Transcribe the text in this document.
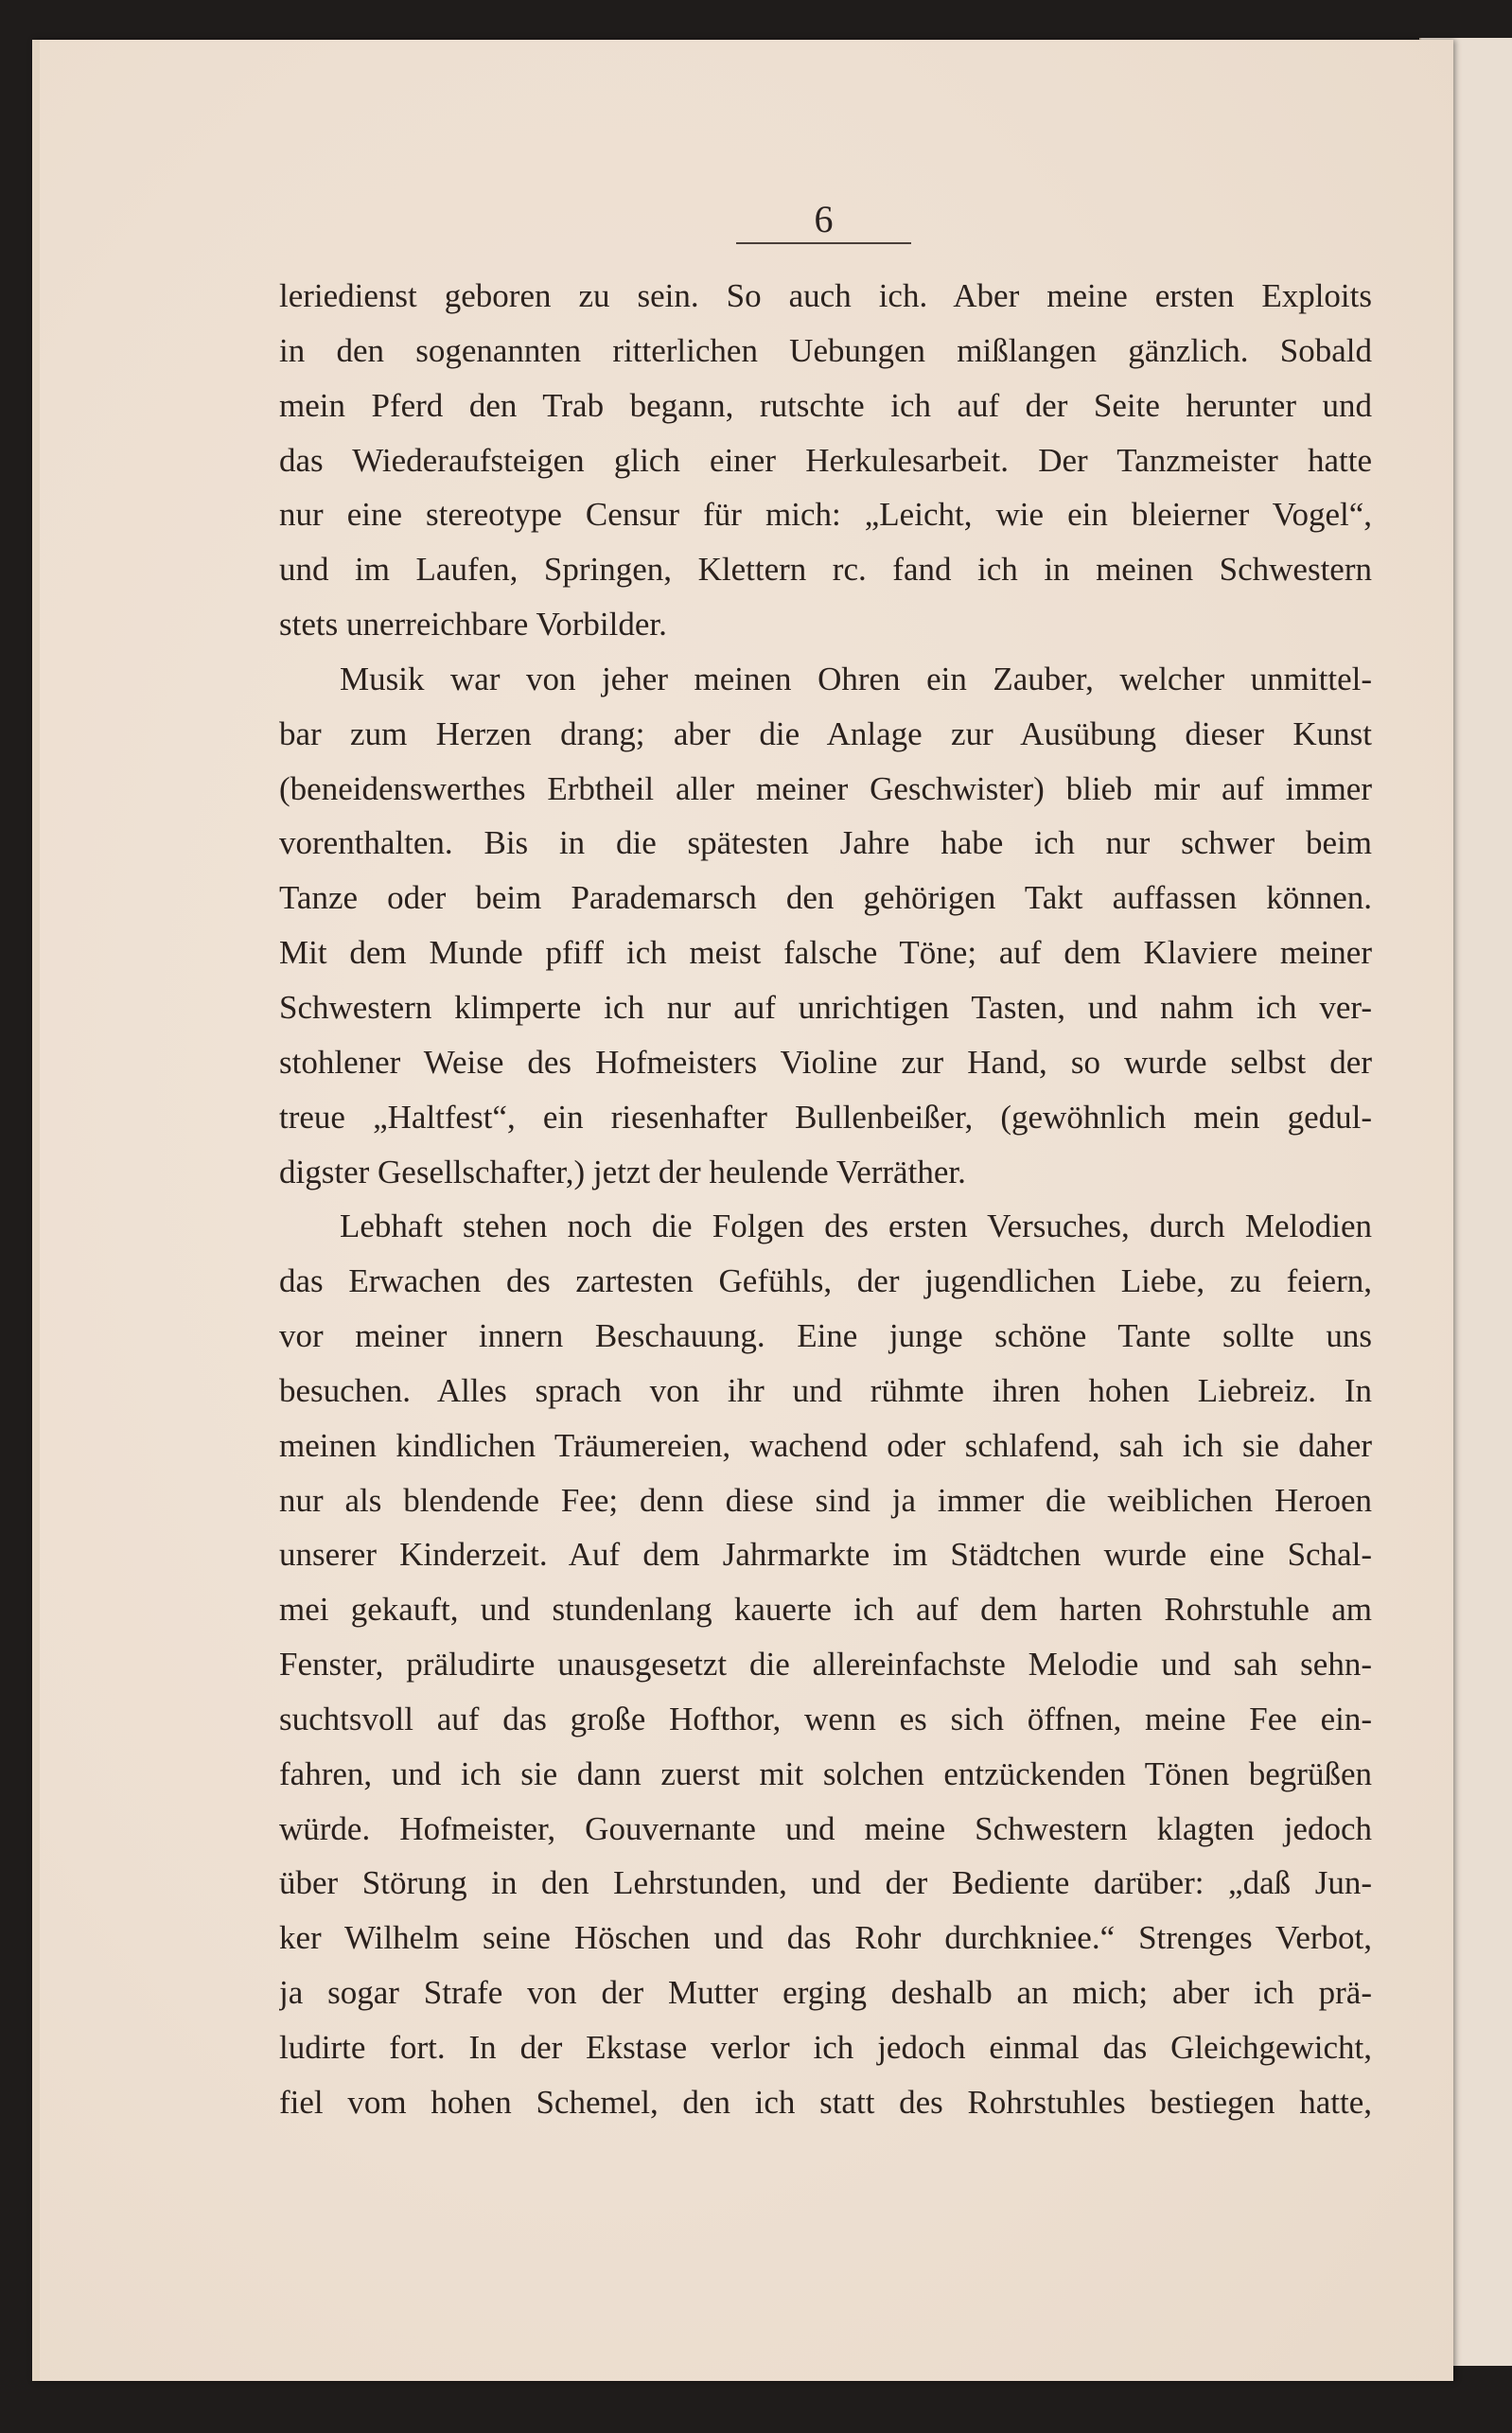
6
leriedienst geboren zu sein. So auch ich. Aber meine ersten Exploits
in den sogenannten ritterlichen Uebungen mißlangen gänzlich. Sobald
mein Pferd den Trab begann, rutschte ich auf der Seite herunter und
das Wiederaufsteigen glich einer Herkulesarbeit. Der Tanzmeister hatte
nur eine stereotype Censur für mich: „Leicht, wie ein bleierner Vogel“,
und im Laufen, Springen, Klettern rc. fand ich in meinen Schwestern
stets unerreichbare Vorbilder.
Musik war von jeher meinen Ohren ein Zauber, welcher unmittel-
bar zum Herzen drang; aber die Anlage zur Ausübung dieser Kunst
(beneidenswerthes Erbtheil aller meiner Geschwister) blieb mir auf immer
vorenthalten. Bis in die spätesten Jahre habe ich nur schwer beim
Tanze oder beim Parademarsch den gehörigen Takt auffassen können.
Mit dem Munde pfiff ich meist falsche Töne; auf dem Klaviere meiner
Schwestern klimperte ich nur auf unrichtigen Tasten, und nahm ich ver-
stohlener Weise des Hofmeisters Violine zur Hand, so wurde selbst der
treue „Haltfest“, ein riesenhafter Bullenbeißer, (gewöhnlich mein gedul-
digster Gesellschafter,) jetzt der heulende Verräther.
Lebhaft stehen noch die Folgen des ersten Versuches, durch Melodien
das Erwachen des zartesten Gefühls, der jugendlichen Liebe, zu feiern,
vor meiner innern Beschauung. Eine junge schöne Tante sollte uns
besuchen. Alles sprach von ihr und rühmte ihren hohen Liebreiz. In
meinen kindlichen Träumereien, wachend oder schlafend, sah ich sie daher
nur als blendende Fee; denn diese sind ja immer die weiblichen Heroen
unserer Kinderzeit. Auf dem Jahrmarkte im Städtchen wurde eine Schal-
mei gekauft, und stundenlang kauerte ich auf dem harten Rohrstuhle am
Fenster, präludirte unausgesetzt die allereinfachste Melodie und sah sehn-
suchtsvoll auf das große Hofthor, wenn es sich öffnen, meine Fee ein-
fahren, und ich sie dann zuerst mit solchen entzückenden Tönen begrüßen
würde. Hofmeister, Gouvernante und meine Schwestern klagten jedoch
über Störung in den Lehrstunden, und der Bediente darüber: „daß Jun-
ker Wilhelm seine Höschen und das Rohr durchkniee.“ Strenges Verbot,
ja sogar Strafe von der Mutter erging deshalb an mich; aber ich prä-
ludirte fort. In der Ekstase verlor ich jedoch einmal das Gleichgewicht,
fiel vom hohen Schemel, den ich statt des Rohrstuhles bestiegen hatte,
